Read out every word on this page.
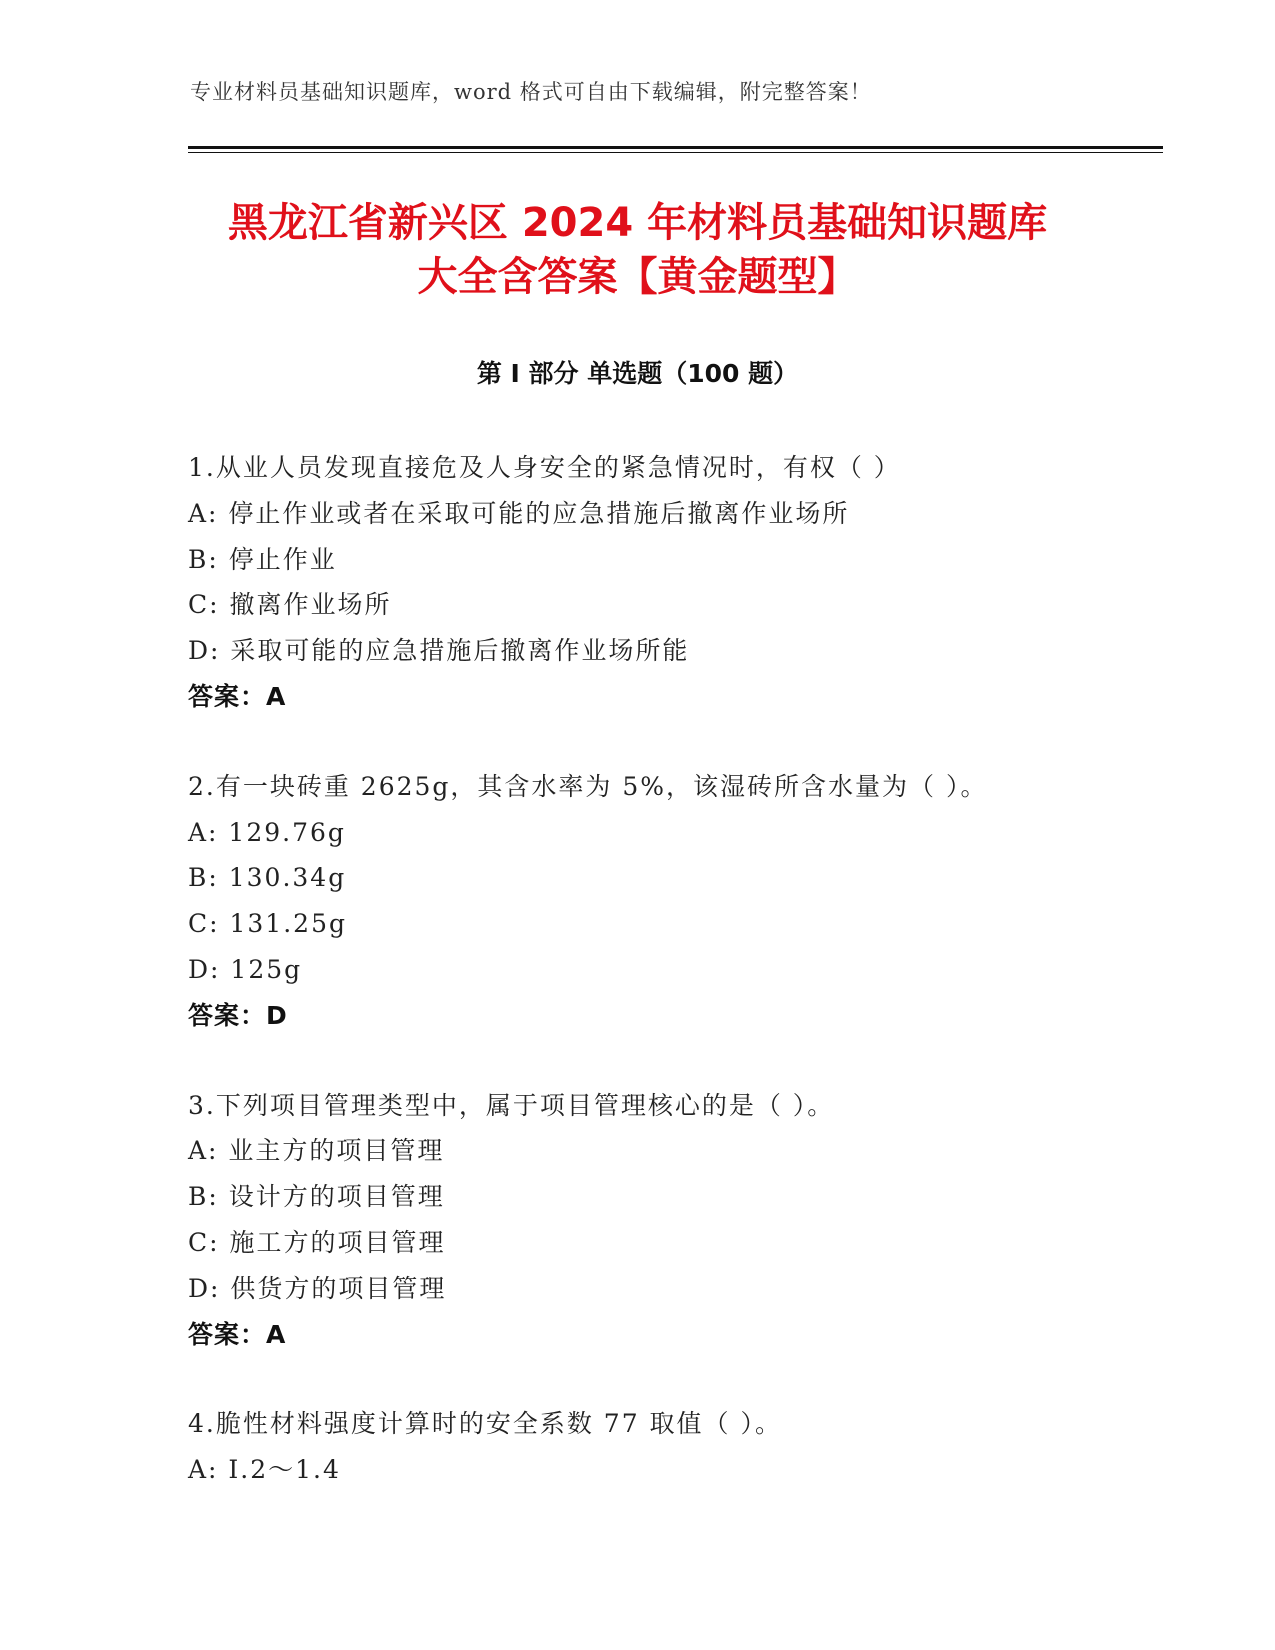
专业材料员基础知识题库，word 格式可自由下载编辑，附完整答案！
黑龙江省新兴区 2024 年材料员基础知识题库
大全含答案【黄金题型】
第 I 部分 单选题（100 题）
1.从业人员发现直接危及人身安全的紧急情况时，有权（ ）
A: 停止作业或者在采取可能的应急措施后撤离作业场所
B: 停止作业
C: 撤离作业场所
D: 采取可能的应急措施后撤离作业场所能
答案：A
2.有一块砖重 2625g，其含水率为 5%，该湿砖所含水量为（ ）。
A: 129.76g
B: 130.34g
C: 131.25g
D: 125g
答案：D
3.下列项目管理类型中，属于项目管理核心的是（ ）。
A: 业主方的项目管理
B: 设计方的项目管理
C: 施工方的项目管理
D: 供货方的项目管理
答案：A
4.脆性材料强度计算时的安全系数 77 取值（ ）。
A: I.2～1.4
